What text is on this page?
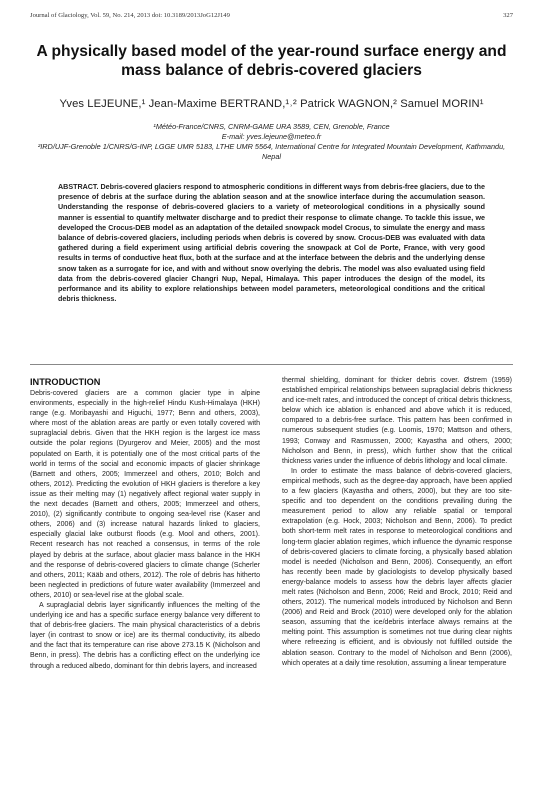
Journal of Glaciology, Vol. 59, No. 214, 2013 doi: 10.3189/2013JoG12J149	327
A physically based model of the year-round surface energy and mass balance of debris-covered glaciers
Yves LEJEUNE,¹ Jean-Maxime BERTRAND,¹˒² Patrick WAGNON,² Samuel MORIN¹
¹Météo-France/CNRS, CNRM-GAME URA 3589, CEN, Grenoble, France
E-mail: yves.lejeune@meteo.fr
²IRD/UJF-Grenoble 1/CNRS/G-INP, LGGE UMR 5183, LTHE UMR 5564, International Centre for Integrated Mountain Development, Kathmandu, Nepal
ABSTRACT. Debris-covered glaciers respond to atmospheric conditions in different ways from debris-free glaciers, due to the presence of debris at the surface during the ablation season and at the snow/ice interface during the accumulation season. Understanding the response of debris-covered glaciers to a variety of meteorological conditions in a physically sound manner is essential to quantify meltwater discharge and to predict their response to climate change. To tackle this issue, we developed the Crocus-DEB model as an adaptation of the detailed snowpack model Crocus, to simulate the energy and mass balance of debris-covered glaciers, including periods when debris is covered by snow. Crocus-DEB was evaluated with data gathered during a field experiment using artificial debris covering the snowpack at Col de Porte, France, with very good results in terms of conductive heat flux, both at the surface and at the interface between the debris and the underlying dense snow taken as a surrogate for ice, and with and without snow overlying the debris. The model was also evaluated using field data from the debris-covered glacier Changri Nup, Nepal, Himalaya. This paper introduces the design of the model, its performance and its ability to explore relationships between model parameters, meteorological conditions and the critical debris thickness.
INTRODUCTION

Debris-covered glaciers are a common glacier type in alpine environments, especially in the high-relief Hindu Kush-Himalaya (HKH) range (e.g. Moribayashi and Higuchi, 1977; Benn and others, 2003), where most of the ablation areas are partly or even totally covered with supraglacial debris. Given that the HKH region is the largest ice mass outside the polar regions (Dyurgerov and Meier, 2005) and the most populated on Earth, it is potentially one of the most critical parts of the world in terms of the social and economic impacts of glacier shrinkage (Barnett and others, 2005; Immerzeel and others, 2010; Bolch and others, 2012). Predicting the evolution of HKH glaciers is therefore a key issue as their melting may (1) negatively affect regional water supply in the next decades (Barnett and others, 2005; Immerzeel and others, 2010), (2) significantly contribute to ongoing sea-level rise (Kaser and others, 2006) and (3) increase natural hazards linked to glaciers, especially glacial lake outburst floods (e.g. Mool and others, 2001). Recent research has not reached a consensus, in terms of the role played by debris at the surface, about glacier mass balance in the HKH and the response of debris-covered glaciers to climate change (Scherler and others, 2011; Kääb and others, 2012). The role of debris has hitherto been neglected in predictions of future water availability (Immerzeel and others, 2010) or sea-level rise at the global scale.

A supraglacial debris layer significantly influences the melting of the underlying ice and has a specific surface energy balance very different to that of debris-free glaciers. The main physical characteristics of a debris layer (in contrast to snow or ice) are its thermal conductivity, its albedo and the fact that its temperature can rise above 273.15 K (Nicholson and Benn, in press). The debris has a conflicting effect on the underlying ice through a reduced albedo, dominant for thin debris layers, and increased

thermal shielding, dominant for thicker debris cover. Østrem (1959) established empirical relationships between supraglacial debris thickness and ice-melt rates, and introduced the concept of critical debris thickness, below which ice ablation is enhanced and above which it is reduced, compared to a debris-free surface. This pattern has been confirmed in numerous subsequent studies (e.g. Loomis, 1970; Mattson and others, 1993; Conway and Rasmussen, 2000; Kayastha and others, 2000; Nicholson and Benn, in press), which further show that the critical thickness varies under the influence of debris lithology and local climate.

In order to estimate the mass balance of debris-covered glaciers, empirical methods, such as the degree-day approach, have been applied to a few glaciers (Kayastha and others, 2000), but they are too site-specific and too dependent on the conditions prevailing during the measurement period to allow any reliable spatial or temporal extrapolation (e.g. Hock, 2003; Nicholson and Benn, 2006). To predict both short-term melt rates in response to meteorological conditions and long-term glacier ablation regimes, which influence the dynamic response of debris-covered glaciers to climate forcing, a physically based ablation model is needed (Nicholson and Benn, 2006). Consequently, an effort has recently been made by glaciologists to develop physically based energy-balance models to assess how the debris layer affects glacier melt rates (Nicholson and Benn, 2006; Reid and Brock, 2010; Reid and others, 2012). The numerical models introduced by Nicholson and Benn (2006) and Reid and Brock (2010) were developed only for the ablation season, assuming that the ice/debris interface always remains at the melting point. This assumption is sometimes not true during clear nights where refreezing is efficient, and is obviously not fulfilled outside the ablation season. Contrary to the model of Nicholson and Benn (2006), which operates at a daily time resolution, assuming a linear temperature
